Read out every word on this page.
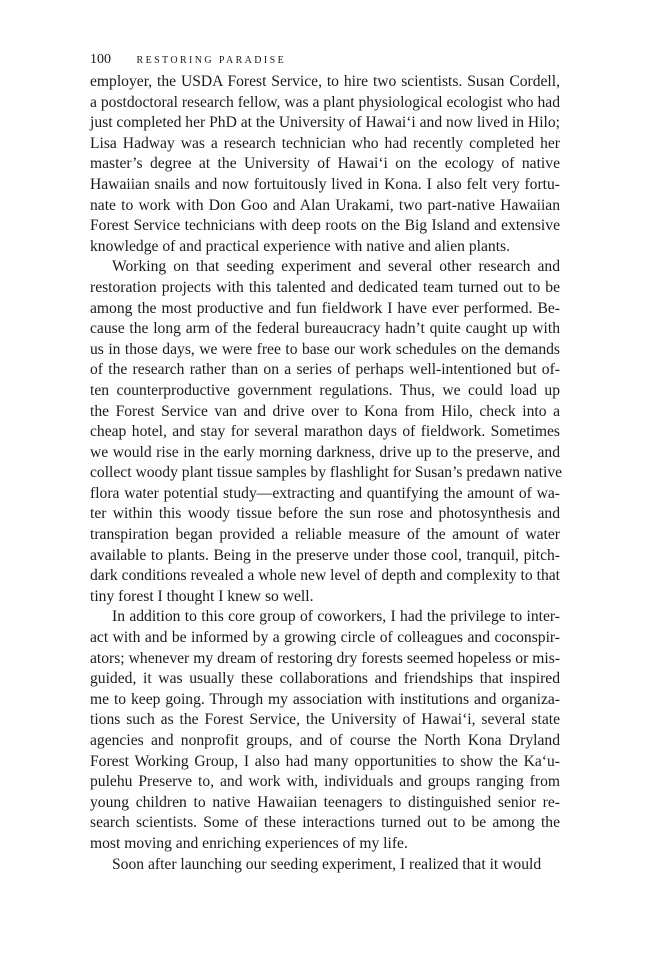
100	RESTORING PARADISE
employer, the USDA Forest Service, to hire two scientists. Susan Cordell,
a postdoctoral research fellow, was a plant physiological ecologist who had
just completed her PhD at the University of Hawai‘i and now lived in Hilo;
Lisa Hadway was a research technician who had recently completed her
master’s degree at the University of Hawai‘i on the ecology of native
Hawaiian snails and now fortuitously lived in Kona. I also felt very fortu-
nate to work with Don Goo and Alan Urakami, two part-native Hawaiian
Forest Service technicians with deep roots on the Big Island and extensive
knowledge of and practical experience with native and alien plants.
Working on that seeding experiment and several other research and
restoration projects with this talented and dedicated team turned out to be
among the most productive and fun fieldwork I have ever performed. Be-
cause the long arm of the federal bureaucracy hadn’t quite caught up with
us in those days, we were free to base our work schedules on the demands
of the research rather than on a series of perhaps well-intentioned but of-
ten counterproductive government regulations. Thus, we could load up
the Forest Service van and drive over to Kona from Hilo, check into a
cheap hotel, and stay for several marathon days of fieldwork. Sometimes
we would rise in the early morning darkness, drive up to the preserve, and
collect woody plant tissue samples by flashlight for Susan’s predawn native
flora water potential study—extracting and quantifying the amount of wa-
ter within this woody tissue before the sun rose and photosynthesis and
transpiration began provided a reliable measure of the amount of water
available to plants. Being in the preserve under those cool, tranquil, pitch-
dark conditions revealed a whole new level of depth and complexity to that
tiny forest I thought I knew so well.
In addition to this core group of coworkers, I had the privilege to inter-
act with and be informed by a growing circle of colleagues and coconspir-
ators; whenever my dream of restoring dry forests seemed hopeless or mis-
guided, it was usually these collaborations and friendships that inspired
me to keep going. Through my association with institutions and organiza-
tions such as the Forest Service, the University of Hawai‘i, several state
agencies and nonprofit groups, and of course the North Kona Dryland
Forest Working Group, I also had many opportunities to show the Ka‘u-
pulehu Preserve to, and work with, individuals and groups ranging from
young children to native Hawaiian teenagers to distinguished senior re-
search scientists. Some of these interactions turned out to be among the
most moving and enriching experiences of my life.
Soon after launching our seeding experiment, I realized that it would
